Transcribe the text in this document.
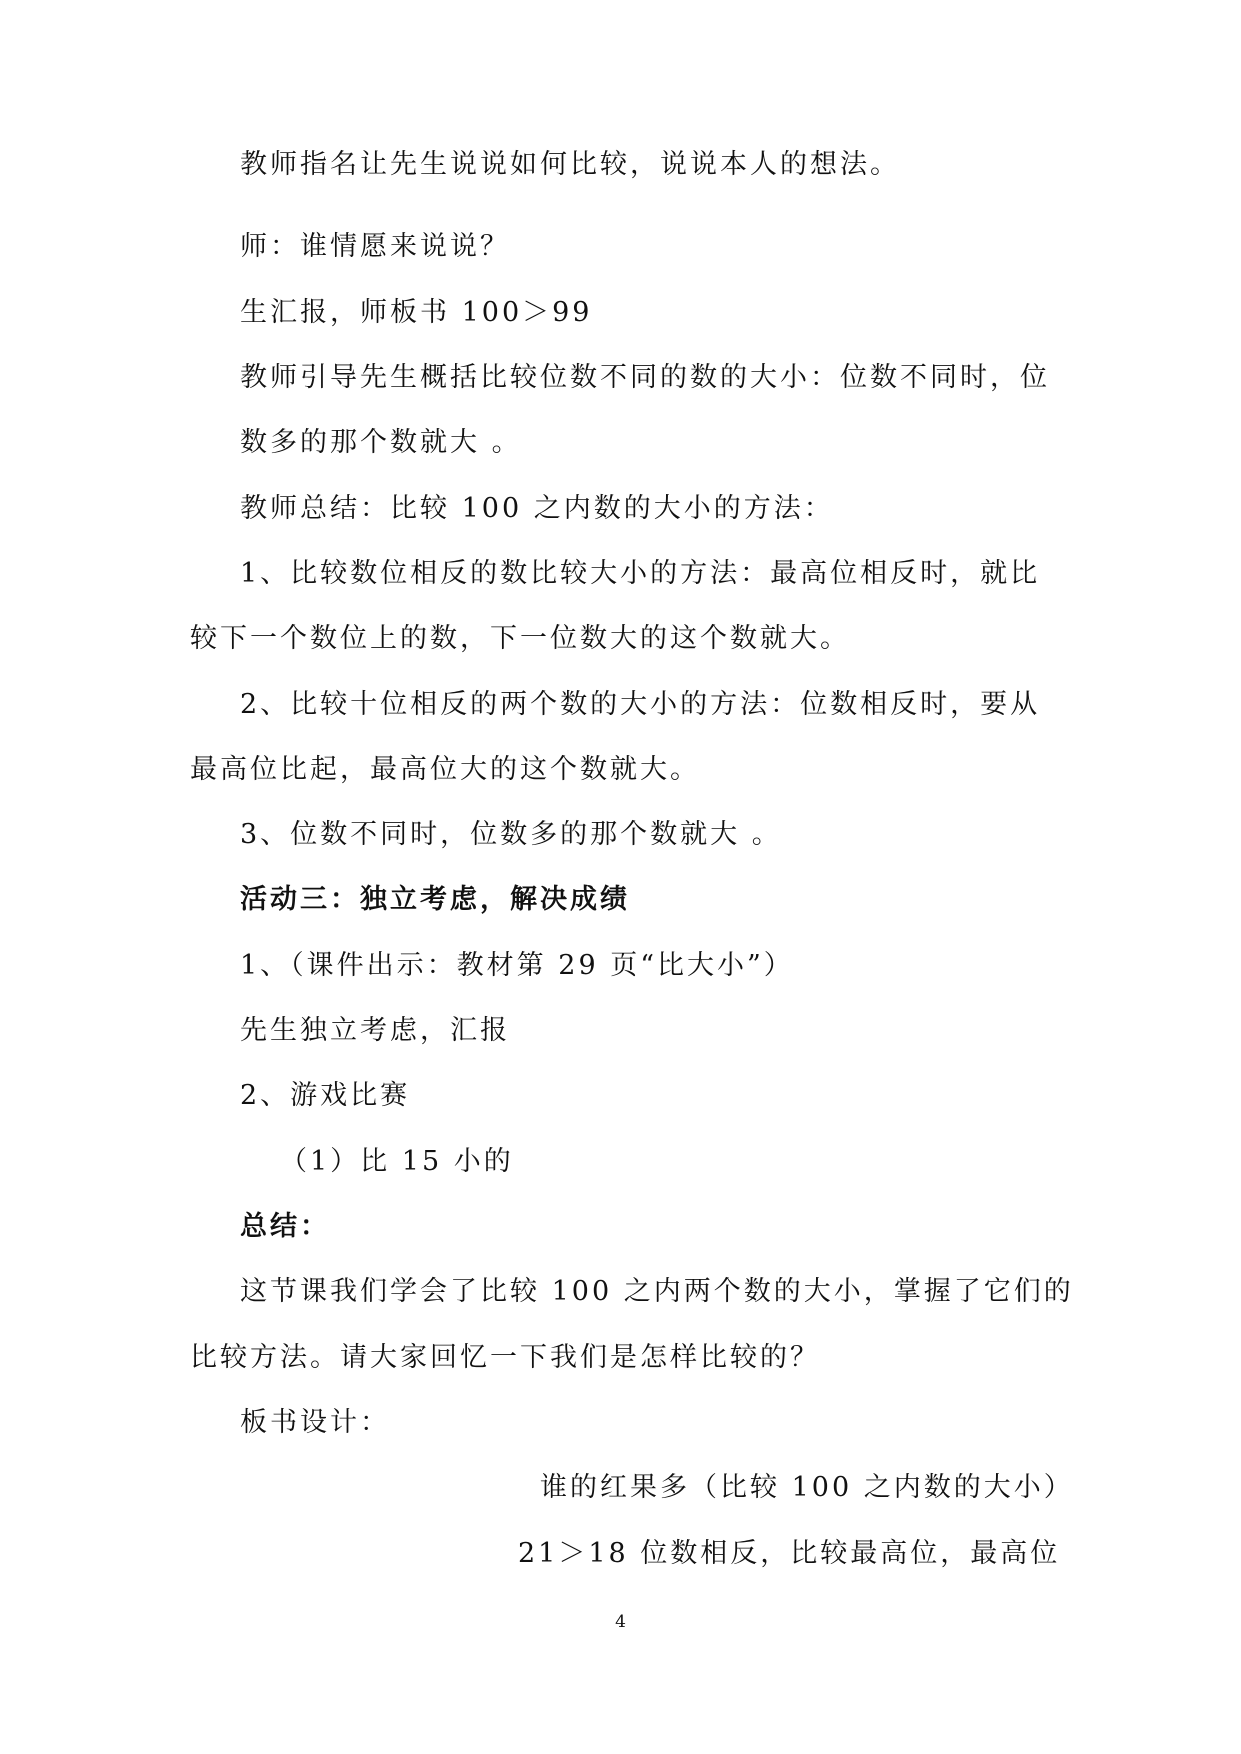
教师指名让先生说说如何比较，说说本人的想法。
师：谁情愿来说说？
生汇报，师板书 100＞99
教师引导先生概括比较位数不同的数的大小：位数不同时，位
数多的那个数就大 。
教师总结：比较 100 之内数的大小的方法：
1、比较数位相反的数比较大小的方法：最高位相反时，就比
较下一个数位上的数，下一位数大的这个数就大。
2、比较十位相反的两个数的大小的方法：位数相反时，要从
最高位比起，最高位大的这个数就大。
3、位数不同时，位数多的那个数就大 。
活动三：独立考虑，解决成绩
1、（课件出示：教材第 29 页“比大小”）
先生独立考虑，汇报
2、游戏比赛
（1）比 15 小的
总结：
这节课我们学会了比较 100 之内两个数的大小，掌握了它们的
比较方法。请大家回忆一下我们是怎样比较的？
板书设计：
谁的红果多（比较 100 之内数的大小）
21＞18 位数相反，比较最高位，最高位
4
